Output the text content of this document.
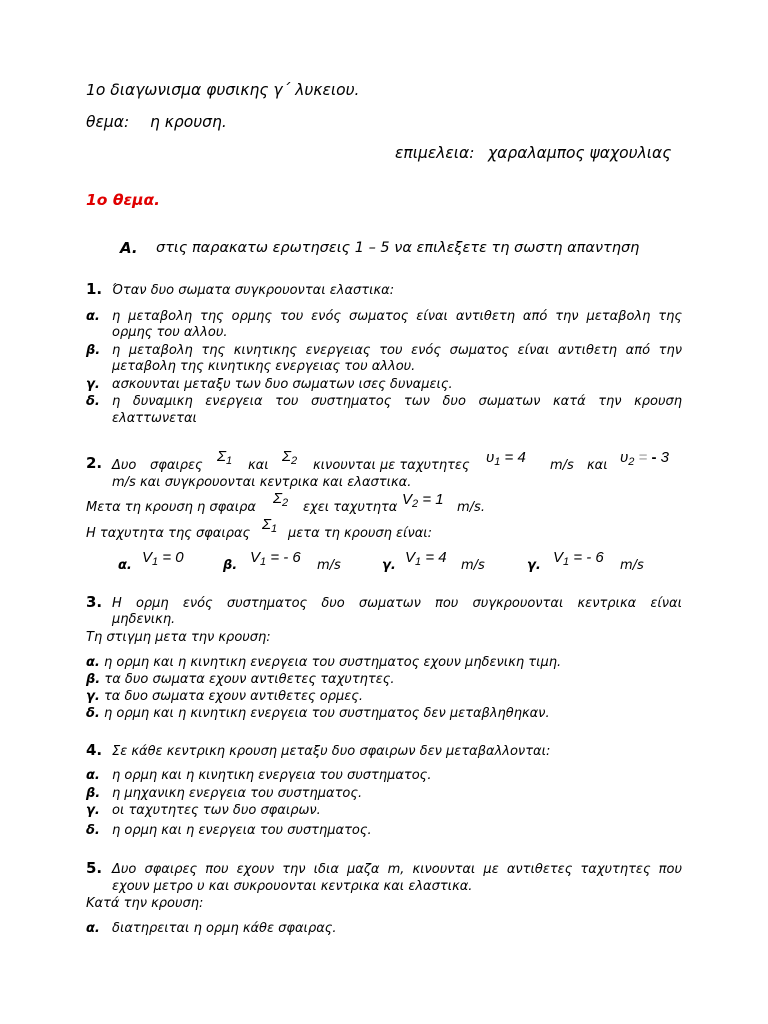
1ο διαγωνισμα φυσικης γ΄ λυκειου.
θεμα: η κρουση.
επιμελεια: χαραλαμπος ψαχουλιας
1ο θεμα.
A. στις παρακατω ερωτησεις 1 – 5 να επιλεξετε τη σωστη απαντηση
1. Όταν δυο σωματα συγκρουονται ελαστικα:
α. η μεταβολη της ορμης του ενός σωματος είναι αντιθετη από την μεταβολη της
ορμης του αλλου.
β. η μεταβολη της κινητικης ενεργειας του ενός σωματος είναι αντιθετη από την
μεταβολη της κινητικης ενεργειας του αλλου.
γ. ασκουνται μεταξυ των δυο σωματων ισες δυναμεις.
δ. η δυναμικη ενεργεια του συστηματος των δυο σωματων κατά την κρουση
ελαττωνεται
2. Δυο σφαιρες
$\Sigma_1$ και
$\Sigma_2$ κινουνται με ταχυτητες $\upsilon_1 = 4$ m/s και $\upsilon_2$ = - 3
m/s και συγκρουονται κεντρικα και ελαστικα.
Μετα τη κρουση η σφαιρα
$\Sigma_2$ εχει ταχυτητα $V_2 = 1$ m/s.
Η ταχυτητα της σφαιρας
$\Sigma_1$ μετα τη κρουση είναι:
α. $V_1 = 0$	β. $V_1$ = - 6 m/s	γ. $V_1 = 4$ m/s	γ. $V_1$ = - 6 m/s
3. Η ορμη ενός συστηματος δυο σωματων που συγκρουονται κεντρικα είναι
μηδενικη.
Τη στιγμη μετα την κρουση:
α. η ορμη και η κινητικη ενεργεια του συστηματος εχουν μηδενικη τιμη.
β. τα δυο σωματα εχουν αντιθετες ταχυτητες.
γ. τα δυο σωματα εχουν αντιθετες ορμες.
δ. η ορμη και η κινητικη ενεργεια του συστηματος δεν μεταβληθηκαν.
4. Σε κάθε κεντρικη κρουση μεταξυ δυο σφαιρων δεν μεταβαλλονται:
α. η ορμη και η κινητικη ενεργεια του συστηματος.
β. η μηχανικη ενεργεια του συστηματος.
γ. οι ταχυτητες των δυο σφαιρων.
δ. η ορμη και η ενεργεια του συστηματος.
5. Δυο σφαιρες που εχουν την ιδια μαζα m, κινουνται με αντιθετες ταχυτητες που
εχουν μετρο υ και συκρουονται κεντρικα και ελαστικα.
Κατά την κρουση:
α. διατηρειται η ορμη κάθε σφαιρας.
